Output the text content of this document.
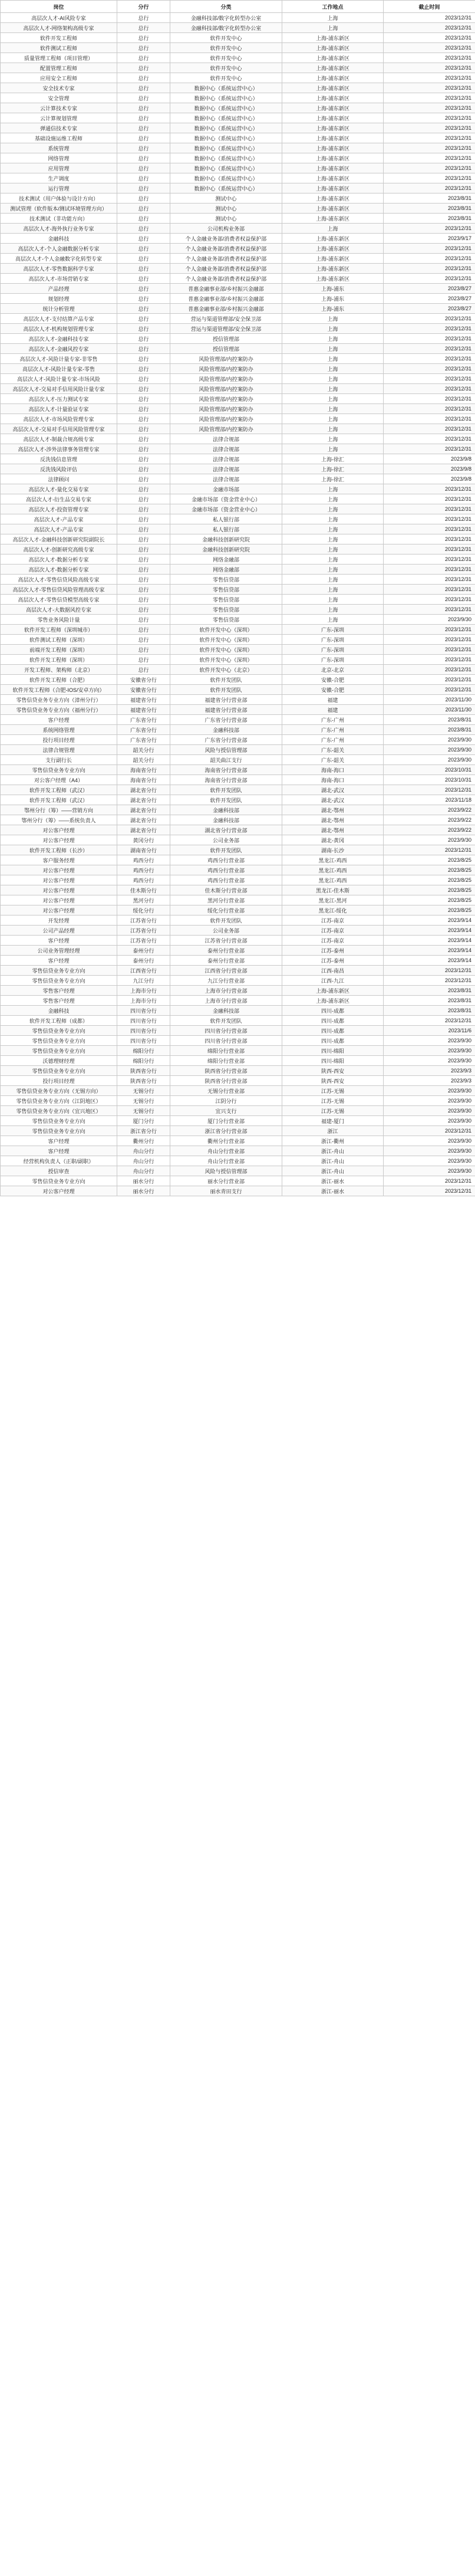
岗位	分行	分类	工作地点	截止时间
高层次人才-AI风险专家	总行	金融科技部/数字化转型办公室	上海	2023/12/31
高层次人才-网络架构高级专家	总行	金融科技部/数字化转型办公室	上海	2023/12/31
软件开发工程师	总行	软件开发中心	上海-浦东新区	2023/12/31
软件测试工程师	总行	软件开发中心	上海-浦东新区	2023/12/31
质量管理工程师（项目管理）	总行	软件开发中心	上海-浦东新区	2023/12/31
配置管理工程师	总行	软件开发中心	上海-浦东新区	2023/12/31
应用安全工程师	总行	软件开发中心	上海-浦东新区	2023/12/31
安全技术专家	总行	数据中心（系统运营中心）	上海-浦东新区	2023/12/31
安全管理	总行	数据中心（系统运营中心）	上海-浦东新区	2023/12/31
云计算技术专家	总行	数据中心（系统运营中心）	上海-浦东新区	2023/12/31
云计算规划管理	总行	数据中心（系统运营中心）	上海-浦东新区	2023/12/31
弹通信技术专家	总行	数据中心（系统运营中心）	上海-浦东新区	2023/12/31
基础设施运维工程师	总行	数据中心（系统运营中心）	上海-浦东新区	2023/12/31
系统管理	总行	数据中心（系统运营中心）	上海-浦东新区	2023/12/31
网络管理	总行	数据中心（系统运营中心）	上海-浦东新区	2023/12/31
应用管理	总行	数据中心（系统运营中心）	上海-浦东新区	2023/12/31
生产调度	总行	数据中心（系统运营中心）	上海-浦东新区	2023/12/31
运行管理	总行	数据中心（系统运营中心）	上海-浦东新区	2023/12/31
技术测试（用户体验与设计方向）	总行	测试中心	上海-浦东新区	2023/8/31
测试管理（软件版本/测试环境管理方向）	总行	测试中心	上海-浦东新区	2023/8/31
技术测试（非功能方向）	总行	测试中心	上海-浦东新区	2023/8/31
高层次人才-海外执行业务专家	总行	公司机构业务部	上海	2023/12/31
金融科技	总行	个人金融业务部/消费者权益保护部	上海-浦东新区	2023/9/17
高层次人才-个人金融数据分析专家	总行	个人金融业务部/消费者权益保护部	上海-浦东新区	2023/12/31
高层次人才-个人金融数字化转型专家	总行	个人金融业务部/消费者权益保护部	上海-浦东新区	2023/12/31
高层次人才-零售数据科学专家	总行	个人金融业务部/消费者权益保护部	上海-浦东新区	2023/12/31
高层次人才-市场营销专家	总行	个人金融业务部/消费者权益保护部	上海-浦东新区	2023/12/31
产品经理	总行	普惠金融事业部/乡村振兴金融部	上海-浦东	2023/8/27
规划经理	总行	普惠金融事业部/乡村振兴金融部	上海-浦东	2023/8/27
统计分析管理	总行	普惠金融事业部/乡村振兴金融部	上海-浦东	2023/8/27
高层次人才-支付结算产品专家	总行	营运与渠道管理部/安全保卫部	上海	2023/12/31
高层次人才-机构规划管理专家	总行	营运与渠道管理部/安全保卫部	上海	2023/12/31
高层次人才-金融科技专家	总行	授信管理部	上海	2023/12/31
高层次人才-金融风控专家	总行	授信管理部	上海	2023/12/31
高层次人才-风险计量专家-非零售	总行	风险管理部/内控案防办	上海	2023/12/31
高层次人才-风险计量专家-零售	总行	风险管理部/内控案防办	上海	2023/12/31
高层次人才-风险计量专家-市场风险	总行	风险管理部/内控案防办	上海	2023/12/31
高层次人才-交易对手信用风险计量专家	总行	风险管理部/内控案防办	上海	2023/12/31
高层次人才-压力测试专家	总行	风险管理部/内控案防办	上海	2023/12/31
高层次人才-计量验证专家	总行	风险管理部/内控案防办	上海	2023/12/31
高层次人才-市场风险管理专家	总行	风险管理部/内控案防办	上海	2023/12/31
高层次人才-交易对手信用风险管理专家	总行	风险管理部/内控案防办	上海	2023/12/31
高层次人才-制裁合规高级专家	总行	法律合规部	上海	2023/12/31
高层次人才-涉外法律事务管理专家	总行	法律合规部	上海	2023/12/31
反洗钱信息管理	总行	法律合规部	上海-徐汇	2023/9/8
反洗钱风险评估	总行	法律合规部	上海-徐汇	2023/9/8
法律顾问	总行	法律合规部	上海-徐汇	2023/9/8
高层次人才-量化交易专家	总行	金融市场部	上海	2023/12/31
高层次人才-衍生品交易专家	总行	金融市场部（资金营业中心）	上海	2023/12/31
高层次人才-投资管理专家	总行	金融市场部（资金营业中心）	上海	2023/12/31
高层次人才-产品专家	总行	私人银行部	上海	2023/12/31
高层次人才-产品专家	总行	私人银行部	上海	2023/12/31
高层次人才-金融科技创新研究院副院长	总行	金融科技创新研究院	上海	2023/12/31
高层次人才-创新研究高级专家	总行	金融科技创新研究院	上海	2023/12/31
高层次人才-数据分析专家	总行	网络金融部	上海	2023/12/31
高层次人才-数据分析专家	总行	网络金融部	上海	2023/12/31
高层次人才-零售信贷风险高级专家	总行	零售信贷部	上海	2023/12/31
高层次人才-零售信贷风险管理高级专家	总行	零售信贷部	上海	2023/12/31
高层次人才-零售信贷模型高级专家	总行	零售信贷部	上海	2023/12/31
高层次人才-大数据风控专家	总行	零售信贷部	上海	2023/12/31
零售业务风险计量	总行	零售信贷部	上海	2023/9/30
软件开发工程师（深圳城市）	总行	软件开发中心（深圳）	广东-深圳	2023/12/31
软件测试工程师（深圳）	总行	软件开发中心（深圳）	广东-深圳	2023/12/31
前端开发工程师（深圳）	总行	软件开发中心（深圳）	广东-深圳	2023/12/31
软件开发工程师（深圳）	总行	软件开发中心（深圳）	广东-深圳	2023/12/31
开发工程师、架构师（北京）	总行	软件开发中心（北京）	北京-北京	2023/12/31
软件开发工程师（合肥）	安徽省分行	软件开发团队	安徽-合肥	2023/12/31
软件开发工程师（合肥-IOS/安卓方向）	安徽省分行	软件开发团队	安徽-合肥	2023/12/31
零售信贷业务专业方向（漳州分行）	福建省分行	福建省分行营业部	福建	2023/11/30
零售信贷业务专业方向（福州分行）	福建省分行	福建省分行营业部	福建	2023/11/30
客户经理	广东省分行	广东省分行营业部	广东-广州	2023/8/31
系统网络管理	广东省分行	金融科技部	广东-广州	2023/8/31
投行项目经理	广东省分行	广东省分行营业部	广东-广州	2023/9/30
法律合规管理	韶关分行	风险与授信管理部	广东-韶关	2023/9/30
支行副行长	韶关分行	韶关曲江支行	广东-韶关	2023/9/30
零售信贷业务专业方向	海南省分行	海南省分行营业部	海南-海口	2023/10/31
对公客户经理（A4）	海南省分行	海南省分行营业部	海南-海口	2023/10/31
软件开发工程师（武汉）	湖北省分行	软件开发团队	湖北-武汉	2023/12/31
软件开发工程师（武汉）	湖北省分行	软件开发团队	湖北-武汉	2023/11/18
鄂州分行（筹）——营销方向	湖北省分行	金融科技部	湖北-鄂州	2023/9/22
鄂州分行（筹）——系统负责人	湖北省分行	金融科技部	湖北-鄂州	2023/9/22
对公客户经理	湖北省分行	湖北省分行营业部	湖北-鄂州	2023/9/22
对公客户经理	黄冈分行	公司业务部	湖北-黄冈	2023/9/30
软件开发工程师（长沙）	湖南省分行	软件开发团队	湖南-长沙	2023/12/31
客户服务经理	鸡西分行	鸡西分行营业部	黑龙江-鸡西	2023/8/25
对公客户经理	鸡西分行	鸡西分行营业部	黑龙江-鸡西	2023/8/25
对公客户经理	鸡西分行	鸡西分行营业部	黑龙江-鸡西	2023/8/25
对公客户经理	佳木斯分行	佳木斯分行营业部	黑龙江-佳木斯	2023/8/25
对公客户经理	黑河分行	黑河分行营业部	黑龙江-黑河	2023/8/25
对公客户经理	绥化分行	绥化分行营业部	黑龙江-绥化	2023/8/25
开发经理	江苏省分行	软件开发团队	江苏-南京	2023/9/14
公司产品经理	江苏省分行	公司业务部	江苏-南京	2023/9/14
客户经理	江苏省分行	江苏省分行营业部	江苏-南京	2023/9/14
公司业务管理经理	泰州分行	泰州分行营业部	江苏-泰州	2023/9/14
客户经理	泰州分行	泰州分行营业部	江苏-泰州	2023/9/14
零售信贷业务专业方向	江西省分行	江西省分行营业部	江西-南昌	2023/12/31
零售信贷业务专业方向	九江分行	九江分行营业部	江西-九江	2023/12/31
零售客户经理	上海市分行	上海市分行营业部	上海-浦东新区	2023/8/31
零售客户经理	上海市分行	上海市分行营业部	上海-浦东新区	2023/8/31
金融科技	四川省分行	金融科技部	四川-成都	2023/8/31
软件开发工程师（成都）	四川省分行	软件开发团队	四川-成都	2023/12/31
零售信贷业务专业方向	四川省分行	四川省分行营业部	四川-成都	2023/11/6
零售信贷业务专业方向	四川省分行	四川省分行营业部	四川-成都	2023/9/30
零售信贷业务专业方向	绵阳分行	绵阳分行营业部	四川-绵阳	2023/9/30
沃德理财经理	绵阳分行	绵阳分行营业部	四川-绵阳	2023/9/30
零售信贷业务专业方向	陕西省分行	陕西省分行营业部	陕西-西安	2023/9/3
投行项目经理	陕西省分行	陕西省分行营业部	陕西-西安	2023/9/3
零售信贷业务专业方向（无锡方向）	无锡分行	无锡分行营业部	江苏-无锡	2023/9/30
零售信贷业务专业方向（江阴地区）	无锡分行	江阴分行	江苏-无锡	2023/9/30
零售信贷业务专业方向（宜兴地区）	无锡分行	宜兴支行	江苏-无锡	2023/9/30
零售信贷业务专业方向	厦门分行	厦门分行营业部	福建-厦门	2023/9/30
零售信贷业务专业方向	浙江省分行	浙江省分行营业部	浙江	2023/12/31
客户经理	衢州分行	衢州分行营业部	浙江-衢州	2023/9/30
客户经理	舟山分行	舟山分行营业部	浙江-舟山	2023/9/30
经营机构负责人（正职/副职）	舟山分行	舟山分行营业部	浙江-舟山	2023/9/30
授信审查	舟山分行	风险与授信管理部	浙江-舟山	2023/9/30
零售信贷业务专业方向	丽水分行	丽水分行营业部	浙江-丽水	2023/12/31
对公客户经理	丽水分行	丽水青田支行	浙江-丽水	2023/12/31
